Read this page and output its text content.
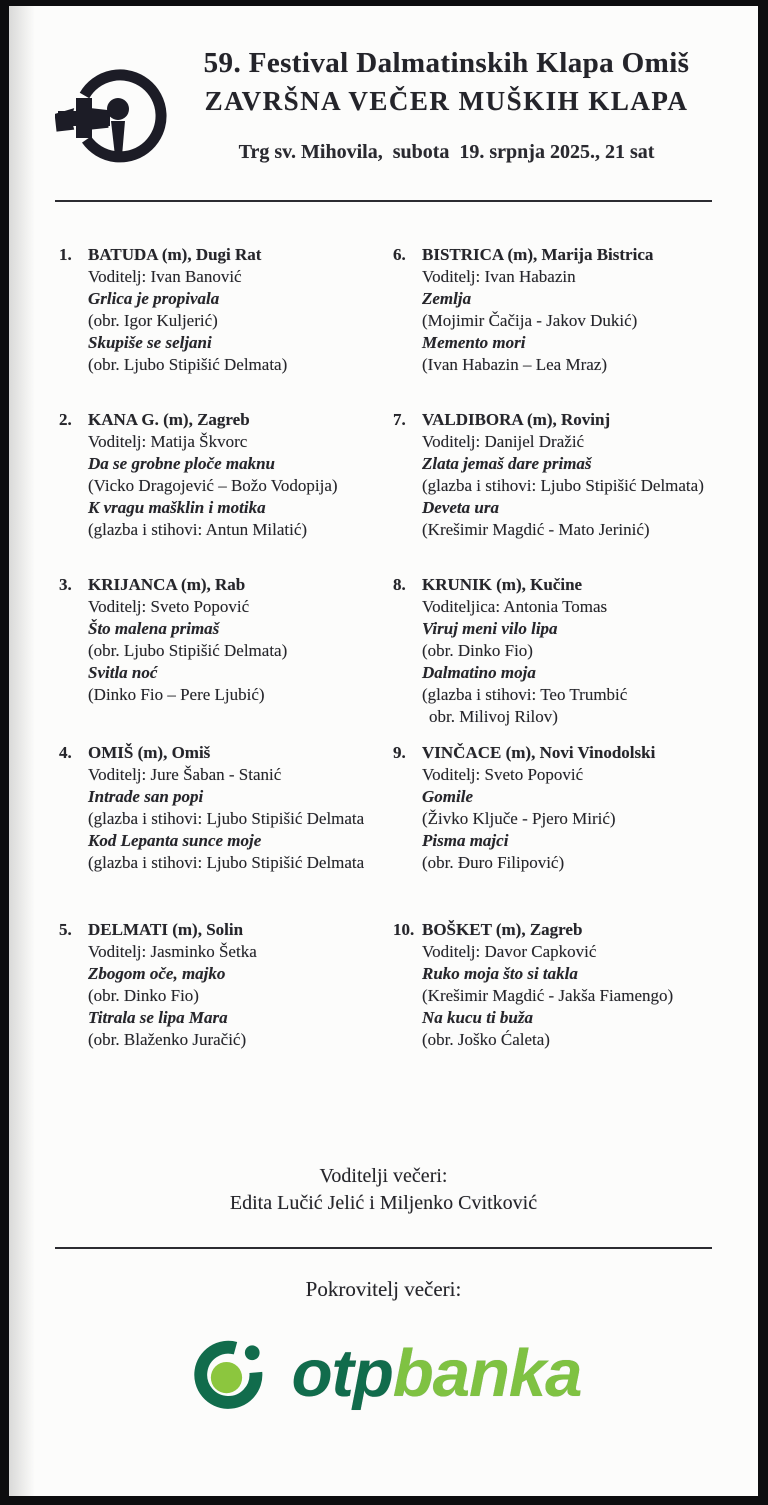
59. Festival Dalmatinskih Klapa Omiš
ZAVRŠNA VEČER MUŠKIH KLAPA
Trg sv. Mihovila,  subota  19. srpnja 2025., 21 sat
1. BATUDA (m), Dugi Rat
Voditelj: Ivan Banović
Grlica je propivala
(obr. Igor Kuljerić)
Skupiše se seljani
(obr. Ljubo Stipišić Delmata)
2. KANA G. (m), Zagreb
Voditelj: Matija Škvorc
Da se grobne ploče maknu
(Vicko Dragojević – Božo Vodopija)
K vragu mašklin i motika
(glazba i stihovi: Antun Milatić)
3. KRIJANCA (m), Rab
Voditelj: Sveto Popović
Što malena primaš
(obr. Ljubo Stipišić Delmata)
Svitla noć
(Dinko Fio – Pere Ljubić)
4. OMIŠ (m), Omiš
Voditelj: Jure Šaban - Stanić
Intrade san popi
(glazba i stihovi: Ljubo Stipišić Delmata
Kod Lepanta sunce moje
(glazba i stihovi: Ljubo Stipišić Delmata
5. DELMATI (m), Solin
Voditelj: Jasminko Šetka
Zbogom oče, majko
(obr. Dinko Fio)
Titrala se lipa Mara
(obr. Blaženko Juračić)
6. BISTRICA (m), Marija Bistrica
Voditelj: Ivan Habazin
Zemlja
(Mojimir Čačija - Jakov Dukić)
Memento mori
(Ivan Habazin – Lea Mraz)
7. VALDIBORA (m), Rovinj
Voditelj: Danijel Dražić
Zlata jemaš dare primaš
(glazba i stihovi: Ljubo Stipišić Delmata)
Deveta ura
(Krešimir Magdić - Mato Jerinić)
8. KRUNIK (m), Kučine
Voditeljica: Antonia Tomas
Viruj meni vilo lipa
(obr. Dinko Fio)
Dalmatino moja
(glazba i stihovi: Teo Trumbić
obr. Milivoj Rilov)
9. VINČACE (m), Novi Vinodolski
Voditelj: Sveto Popović
Gomile
(Živko Ključe - Pjero Mirić)
Pisma majci
(obr. Đuro Filipović)
10. BOŠKET (m), Zagreb
Voditelj: Davor Capković
Ruko moja što si takla
(Krešimir Magdić - Jakša Fiamengo)
Na kucu ti buža
(obr. Joško Ćaleta)
Voditelji večeri:
Edita Lučić Jelić i Miljenko Cvitković
Pokrovitelj večeri:
otpbanka
